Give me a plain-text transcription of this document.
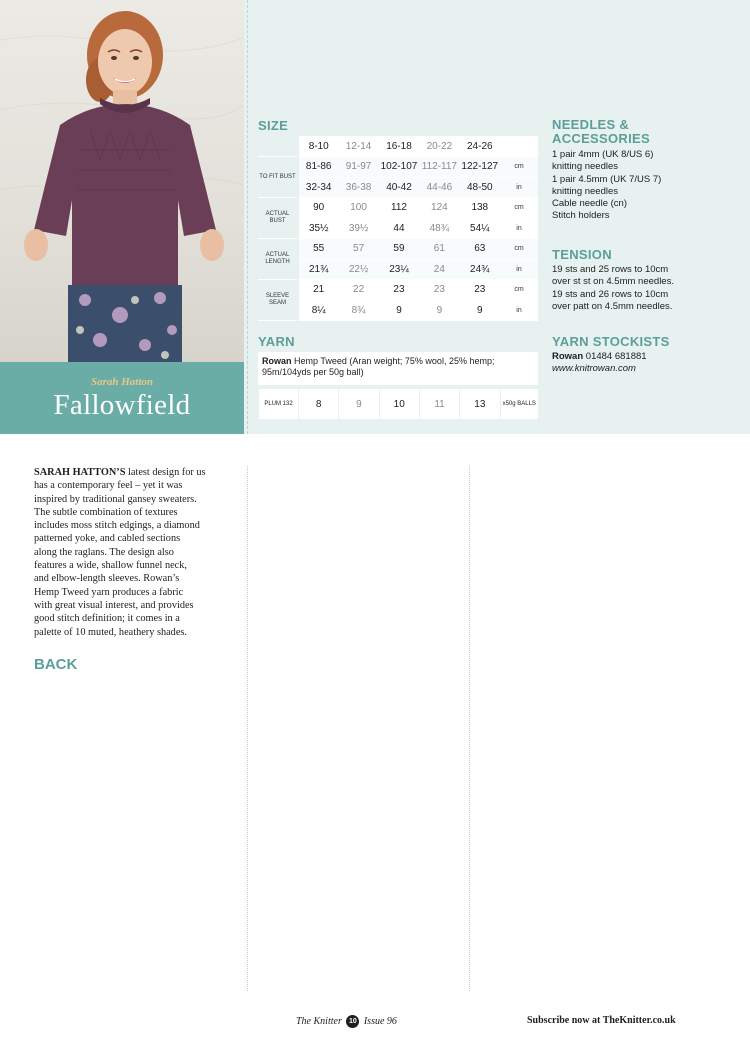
Sarah Hatton
Fallowfield
SIZE
	8-10	12-14	16-18	20-22	24-26	
TO FIT BUST	81-86	91-97	102-107	112-117	122-127	cm
	32-34	36-38	40-42	44-46	48-50	in
ACTUAL BUST	90	100	112	124	138	cm
	35½	39½	44	48¾	54¼	in
ACTUAL LENGTH	55	57	59	61	63	cm
	21¾	22½	23¼	24	24¾	in
SLEEVE SEAM	21	22	23	23	23	cm
	8¼	8¾	9	9	9	in
YARN
Rowan Hemp Tweed (Aran weight; 75% wool, 25% hemp; 95m/104yds per 50g ball)
PLUM 132	8	9	10	11	13	x50g BALLS
NEEDLES &
ACCESSORIES
1 pair 4mm (UK 8/US 6)
knitting needles
1 pair 4.5mm (UK 7/US 7)
knitting needles
Cable needle (cn)
Stitch holders
TENSION
19 sts and 25 rows to 10cm
over st st on 4.5mm needles.
19 sts and 26 rows to 10cm
over patt on 4.5mm needles.
YARN STOCKISTS
Rowan 01484 681881
www.knitrowan.com

SARAH HATTON’S latest design for us

has a contemporary feel – yet it was

inspired by traditional gansey sweaters.

The subtle combination of textures

includes moss stitch edgings, a diamond

patterned yoke, and cabled sections

along the raglans. The design also

features a wide, shallow funnel neck,

and elbow-length sleeves. Rowan’s

Hemp Tweed yarn produces a fabric

with great visual interest, and provides

good stitch definition; it comes in a

palette of 10 muted, heathery shades.

BACK

The Knitter 10 Issue 96	Subscribe now at TheKnitter.co.uk
